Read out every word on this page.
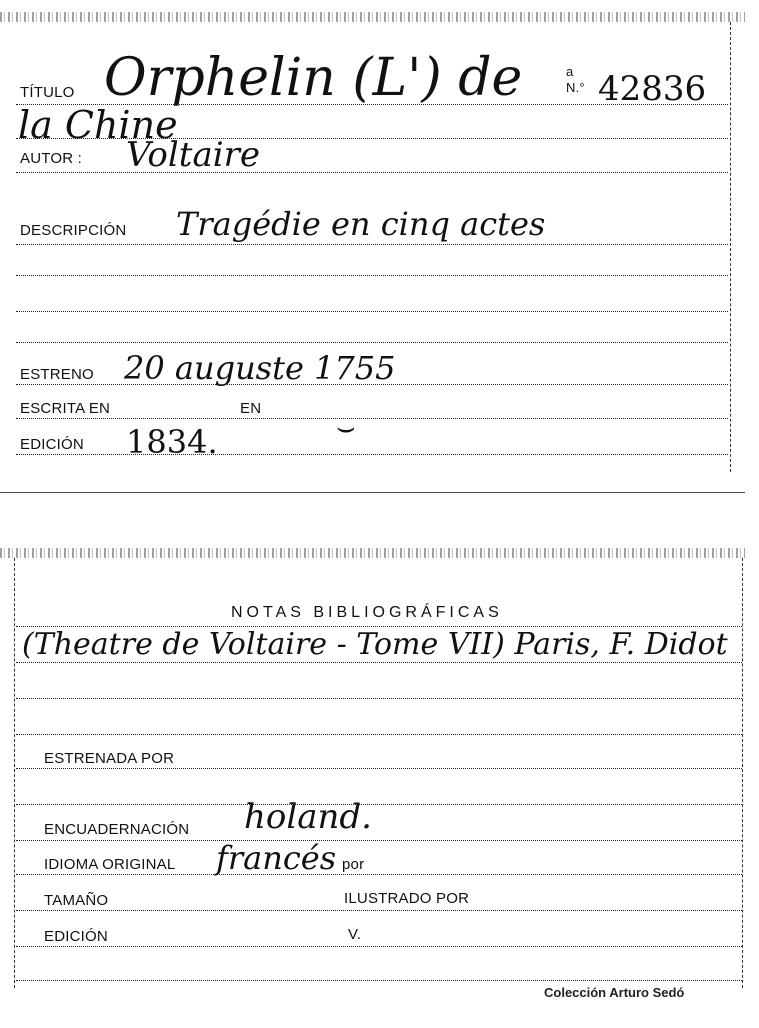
TÍTULO Orphelin (L') de	a
N.° 42836
la Chine
AUTOR : Voltaire
DESCRIPCIÓN Tragédie en cinq actes
ESTRENO 20 auguste 1755
ESCRITA EN	EN
EDICIÓN 1834.	⌣
NOTAS BIBLIOGRÁFICAS
(Theatre de Voltaire - Tome VII) Paris, F. Didot
ESTRENADA POR
ENCUADERNACIÓN holand.
IDIOMA ORIGINAL francés por
TAMAÑO	ILUSTRADO POR
EDICIÓN	V.
Colección Arturo Sedó
